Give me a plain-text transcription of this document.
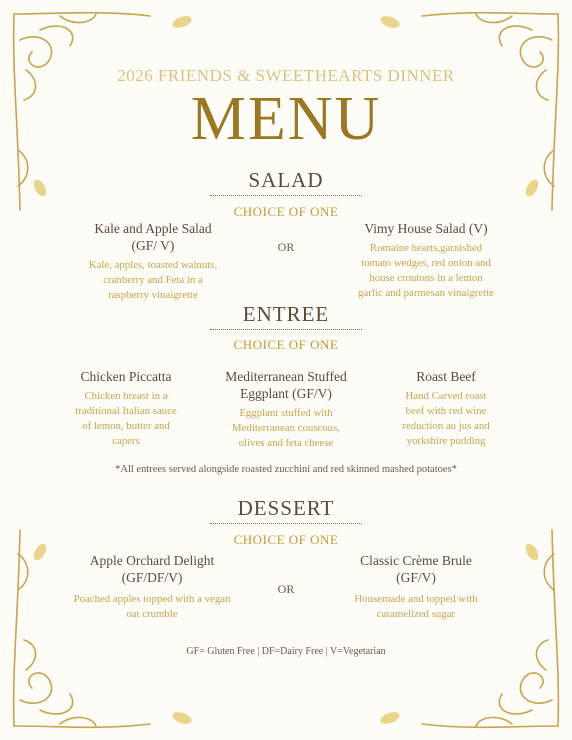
2026 FRIENDS & SWEETHEARTS DINNER
MENU
SALAD
CHOICE OF ONE
Kale and Apple Salad
(GF/ V)
Kale, apples, toasted walnuts,
cranberry and Feta in a
raspberry vinaigrette
OR
Vimy House Salad (V)
Romaine hearts,garnished
tomato wedges, red onion and
house croutons in a lemon
garlic and parmesan vinaigrette
ENTREE
CHOICE OF ONE
Chicken Piccatta
Chicken breast in a
traditional Italian sauce
of lemon, butter and
capers
Mediterranean Stuffed
Eggplant (GF/V)
Eggplant stuffed with
Mediterranean couscous,
olives and feta cheese
Roast Beef
Hand Carved roast
beef with red wine
reduction au jus and
yorkshire pudding
*All entrees served alongside roasted zucchini and red skinned mashed potatoes*
DESSERT
CHOICE OF ONE
Apple Orchard Delight
(GF/DF/V)
Poached apples topped with a vegan
oat crumble
OR
Classic Crème Brule
(GF/V)
Housemade and topped with
caramelized sugar
GF= Gluten Free | DF=Dairy Free | V=Vegetarian
